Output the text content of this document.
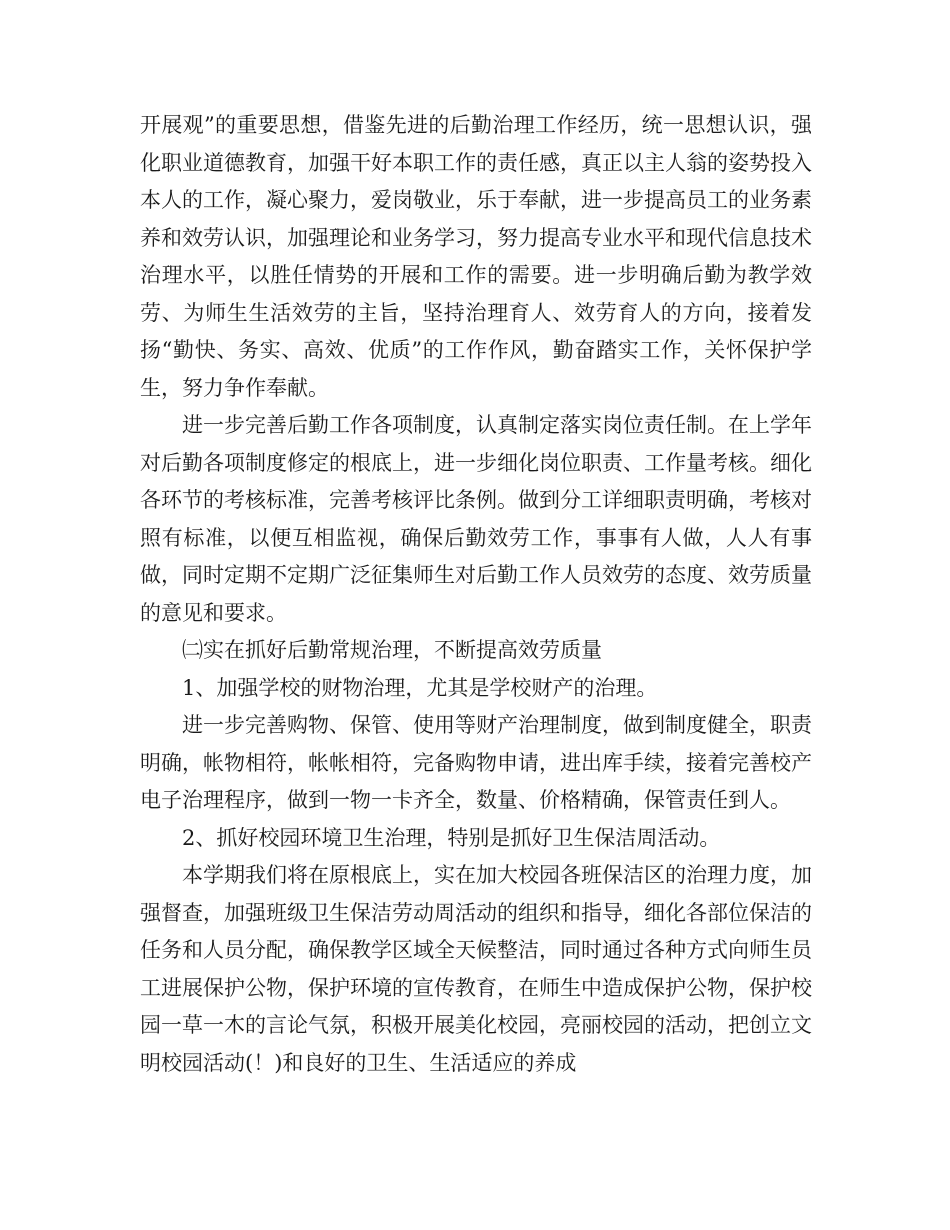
开展观”的重要思想，借鉴先进的后勤治理工作经历，统一思想认识，强化职业道德教育，加强干好本职工作的责任感，真正以主人翁的姿势投入本人的工作，凝心聚力，爱岗敬业，乐于奉献，进一步提高员工的业务素养和效劳认识，加强理论和业务学习，努力提高专业水平和现代信息技术治理水平，以胜任情势的开展和工作的需要。进一步明确后勤为教学效劳、为师生生活效劳的主旨，坚持治理育人、效劳育人的方向，接着发扬“勤快、务实、高效、优质”的工作作风，勤奋踏实工作，关怀保护学生，努力争作奉献。

进一步完善后勤工作各项制度，认真制定落实岗位责任制。在上学年对后勤各项制度修定的根底上，进一步细化岗位职责、工作量考核。细化各环节的考核标准，完善考核评比条例。做到分工详细职责明确，考核对照有标准，以便互相监视，确保后勤效劳工作，事事有人做，人人有事做，同时定期不定期广泛征集师生对后勤工作人员效劳的态度、效劳质量的意见和要求。

㈡实在抓好后勤常规治理，不断提高效劳质量

1、加强学校的财物治理，尤其是学校财产的治理。

进一步完善购物、保管、使用等财产治理制度，做到制度健全，职责明确，帐物相符，帐帐相符，完备购物申请，进出库手续，接着完善校产电子治理程序，做到一物一卡齐全，数量、价格精确，保管责任到人。

2、抓好校园环境卫生治理，特别是抓好卫生保洁周活动。

本学期我们将在原根底上，实在加大校园各班保洁区的治理力度，加强督查，加强班级卫生保洁劳动周活动的组织和指导，细化各部位保洁的任务和人员分配，确保教学区域全天候整洁，同时通过各种方式向师生员工进展保护公物，保护环境的宣传教育，在师生中造成保护公物，保护校园一草一木的言论气氛，积极开展美化校园，亮丽校园的活动，把创立文明校园活动(！)和良好的卫生、生活适应的养成
